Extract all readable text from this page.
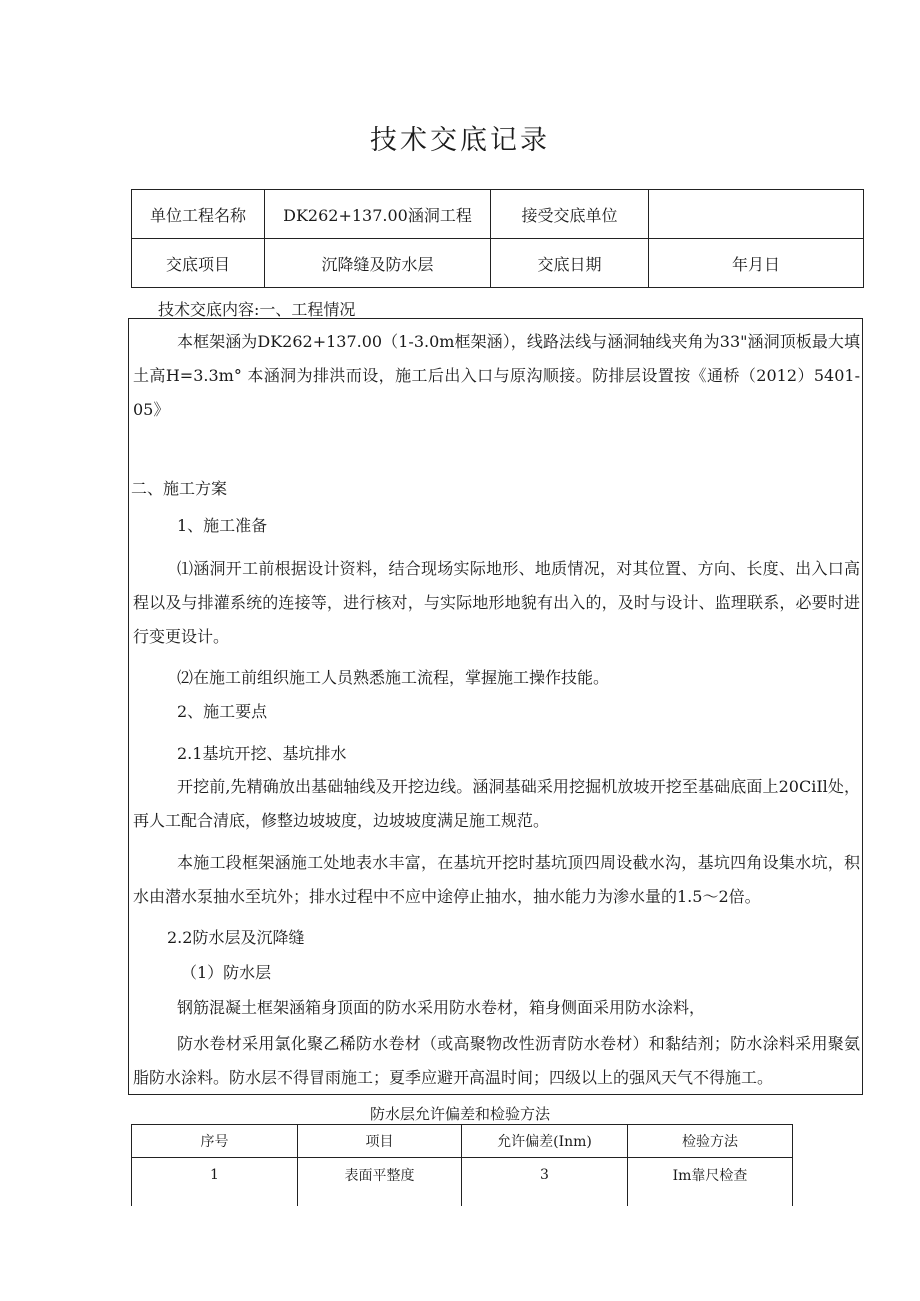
技术交底记录
单位工程名称	DK262+137.00涵洞工程	接受交底单位	
交底项目	沉降缝及防水层	交底日期	年月日
技术交底内容:一、工程情况
本框架涵为DK262+137.00（1-3.0m框架涵），线路法线与涵洞轴线夹角为33"涵洞顶板最大填土高H=3.3m° 本涵洞为排洪而设，施工后出入口与原沟顺接。防排层设置按《通桥（2012）5401-05》
二、施工方案
1、施工准备
⑴涵洞开工前根据设计资料，结合现场实际地形、地质情况，对其位置、方向、长度、出入口高程以及与排灌系统的连接等，进行核对，与实际地形地貌有出入的，及时与设计、监理联系，必要时进行变更设计。
⑵在施工前组织施工人员熟悉施工流程，掌握施工操作技能。
2、施工要点
2.1基坑开挖、基坑排水
开挖前,先精确放出基础轴线及开挖边线。涵洞基础采用挖掘机放坡开挖至基础底面上20CiIl处，再人工配合清底，修整边坡坡度，边坡坡度满足施工规范。
本施工段框架涵施工处地表水丰富，在基坑开挖时基坑顶四周设截水沟，基坑四角设集水坑，积水由潜水泵抽水至坑外；排水过程中不应中途停止抽水，抽水能力为渗水量的1.5～2倍。
2.2防水层及沉降缝
（1）防水层
钢筋混凝土框架涵箱身顶面的防水采用防水卷材，箱身侧面采用防水涂料，
防水卷材采用氯化聚乙稀防水卷材（或高聚物改性沥青防水卷材）和黏结剂；防水涂料采用聚氨脂防水涂料。防水层不得冒雨施工；夏季应避开高温时间；四级以上的强风天气不得施工。
防水层允许偏差和检验方法
序号	项目	允许偏差(Inm)	检验方法
1	表面平整度	3	Im靠尺检查
